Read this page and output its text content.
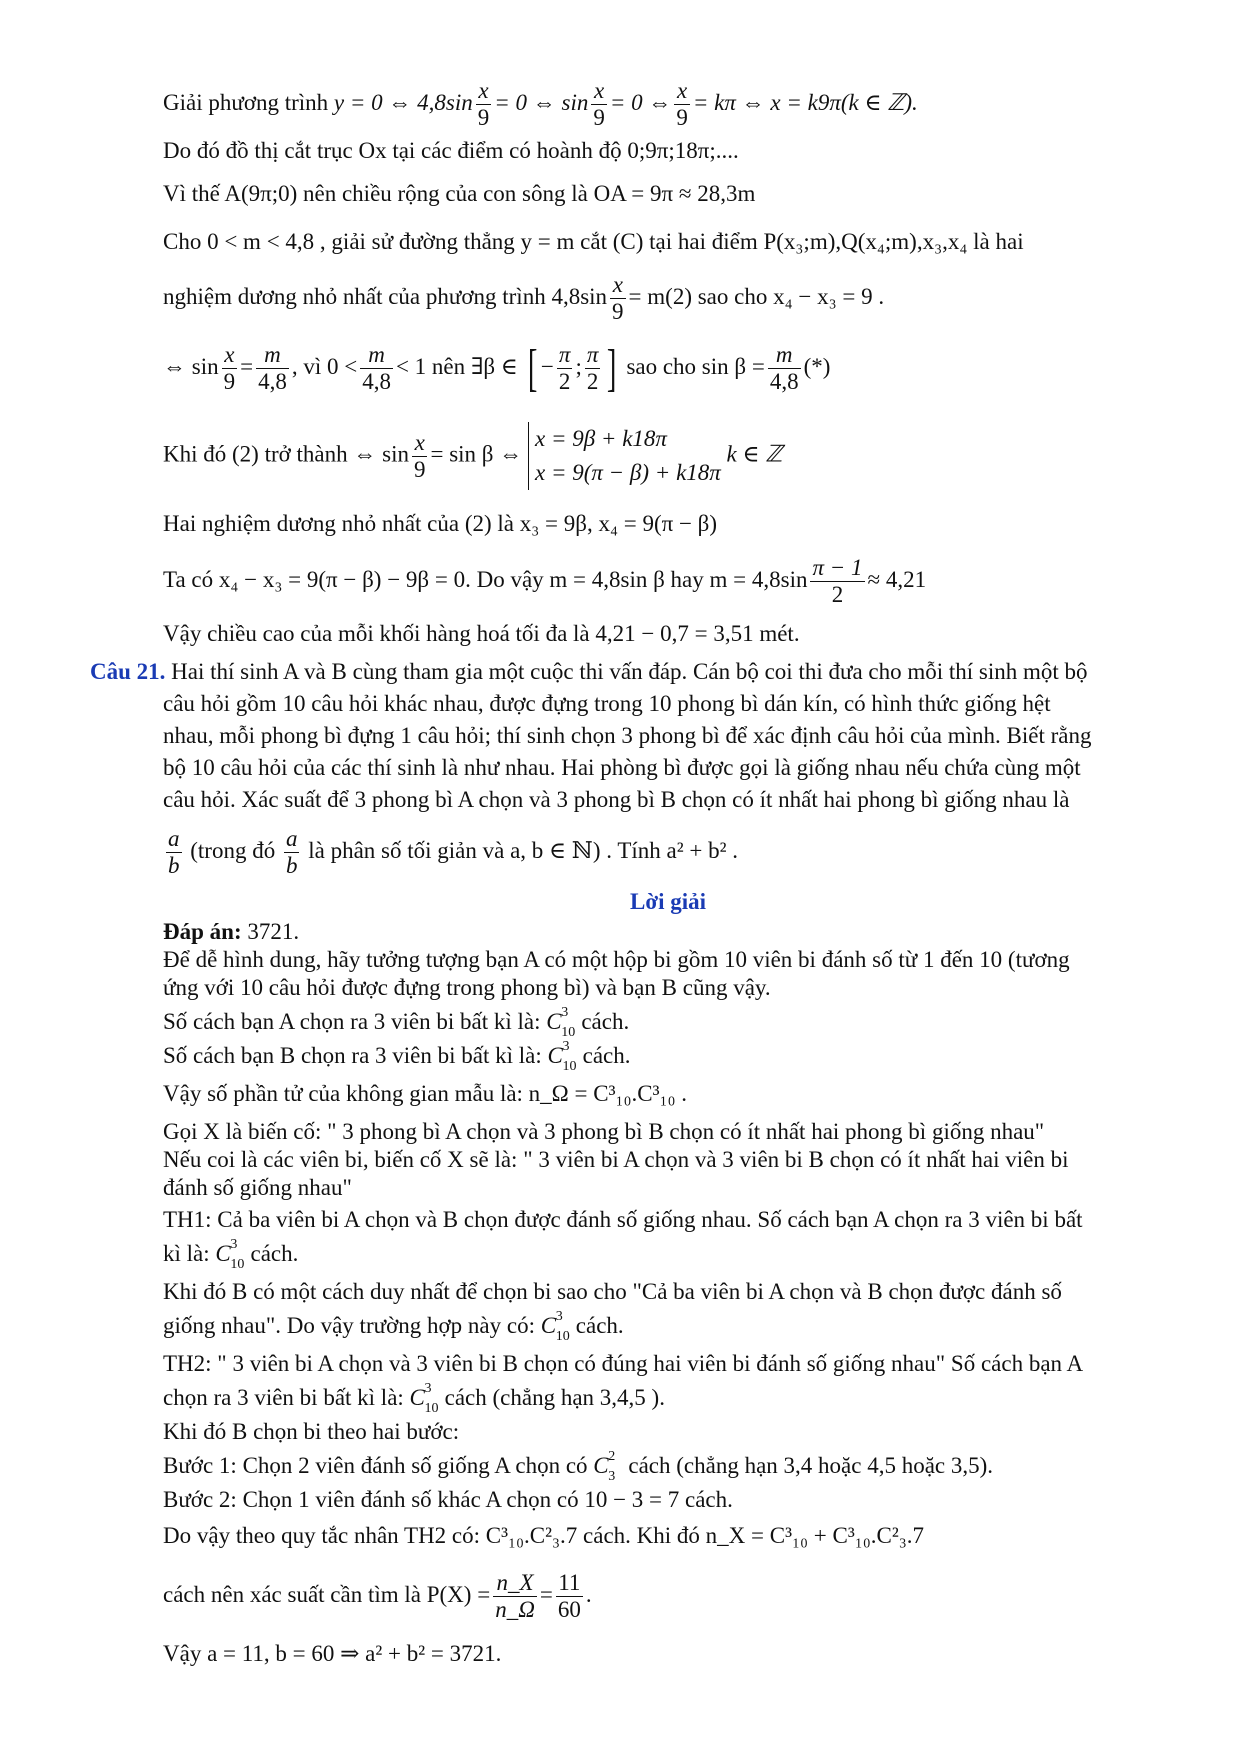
Giải phương trình y = 0 ⇔ $4,8\sin \frac{x}{9} = 0$ ⇔ $\sin \frac{x}{9} = 0$ ⇔ $\frac{x}{9} = k\pi$ ⇔ x = k9π(k ∈ ℤ).
Do đó đồ thị cắt trục Ox tại các điểm có hoành độ 0;9π;18π;....
Vì thế A(9π;0) nên chiều rộng của con sông là OA = 9π ≈ 28,3m
Cho 0 < m < 4,8 , giải sử đường thẳng y = m cắt (C) tại hai điểm P(x₃;m),Q(x₄;m),x₃,x₄ là hai
nghiệm dương nhỏ nhất của phương trình $4,8\sin \frac{x}{9} = m(2)$ sao cho x₄ − x₃ = 9 .
⇔ $\sin \frac{x}{9} = \frac{m}{4,8}$ , vì $0 < \frac{m}{4,8} < 1$ nên ∃β ∈ [ − $\frac{\pi}{2}$ ; $\frac{\pi}{2}$ ] sao cho $\sin \beta = \frac{m}{4,8}$ (*)
Khi đó (2) trở thành ⇔ $\sin \frac{x}{9} = \sin \beta$ ⇔
x = 9β + k18π
x = 9(π − β) + k18π
k ∈ ℤ
Hai nghiệm dương nhỏ nhất của (2) là x₃ = 9β, x₄ = 9(π − β)
Ta có x₄ − x₃ = 9(π − β) − 9β = 0. Do vậy m = 4,8sin β hay $m = 4,8\sin \frac{\pi - 1}{2} \approx 4,21$
Vậy chiều cao của mỗi khối hàng hoá tối đa là 4,21 − 0,7 = 3,51 mét.
Câu 21. Hai thí sinh A và B cùng tham gia một cuộc thi vấn đáp. Cán bộ coi thi đưa cho mỗi thí sinh một bộ
câu hỏi gồm 10 câu hỏi khác nhau, được đựng trong 10 phong bì dán kín, có hình thức giống hệt
nhau, mỗi phong bì đựng 1 câu hỏi; thí sinh chọn 3 phong bì để xác định câu hỏi của mình. Biết rằng
bộ 10 câu hỏi của các thí sinh là như nhau. Hai phòng bì được gọi là giống nhau nếu chứa cùng một
câu hỏi. Xác suất để 3 phong bì A chọn và 3 phong bì B chọn có ít nhất hai phong bì giống nhau là
$\frac{a}{b}$ (trong đó $\frac{a}{b}$ là phân số tối giản và a, b ∈ ℕ) . Tính a² + b² .
Lời giải
Đáp án: 3721.
Để dễ hình dung, hãy tưởng tượng bạn A có một hộp bi gồm 10 viên bi đánh số từ 1 đến 10 (tương
ứng với 10 câu hỏi được đựng trong phong bì) và bạn B cũng vậy.
Số cách bạn A chọn ra 3 viên bi bất kì là: C 3
10 cách.
Số cách bạn B chọn ra 3 viên bi bất kì là: C 3
10 cách.
Vậy số phần tử của không gian mẫu là: n_Ω = C³₁₀.C³₁₀ .
Gọi X là biến cố: " 3 phong bì A chọn và 3 phong bì B chọn có ít nhất hai phong bì giống nhau"
Nếu coi là các viên bi, biến cố X sẽ là: " 3 viên bi A chọn và 3 viên bi B chọn có ít nhất hai viên bi
đánh số giống nhau"
TH1: Cả ba viên bi A chọn và B chọn được đánh số giống nhau. Số cách bạn A chọn ra 3 viên bi bất
kì là: C 3
10 cách.
Khi đó B có một cách duy nhất để chọn bi sao cho "Cả ba viên bi A chọn và B chọn được đánh số
giống nhau". Do vậy trường hợp này có: C 3
10 cách.
TH2: " 3 viên bi A chọn và 3 viên bi B chọn có đúng hai viên bi đánh số giống nhau" Số cách bạn A
chọn ra 3 viên bi bất kì là: C 3
10 cách (chẳng hạn 3,4,5 ).
Khi đó B chọn bi theo hai bước:
Bước 1: Chọn 2 viên đánh số giống A chọn có C 2
3 cách (chẳng hạn 3,4 hoặc 4,5 hoặc 3,5).
Bước 2: Chọn 1 viên đánh số khác A chọn có 10 − 3 = 7 cách.
Do vậy theo quy tắc nhân TH2 có: C³₁₀.C²₃.7 cách. Khi đó n_X = C³₁₀ + C³₁₀.C²₃.7
cách nên xác suất cần tìm là $P(X) = \frac{n\_X}{n\_\Omega} = \frac{11}{60}$ .
Vậy a = 11, b = 60 ⇒ a² + b² = 3721.
